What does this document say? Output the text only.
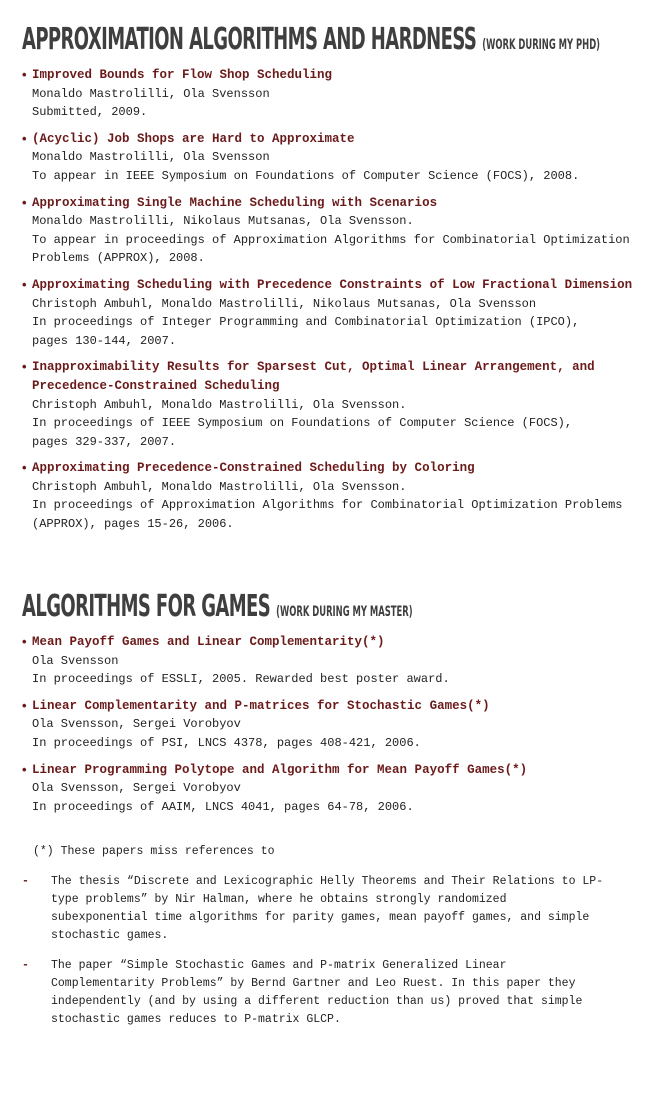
APPROXIMATION ALGORITHMS AND HARDNESS (WORK DURING MY PHD)
• Improved Bounds for Flow Shop Scheduling
Monaldo Mastrolilli, Ola Svensson
Submitted, 2009.
• (Acyclic) Job Shops are Hard to Approximate
Monaldo Mastrolilli, Ola Svensson
To appear in IEEE Symposium on Foundations of Computer Science (FOCS), 2008.
• Approximating Single Machine Scheduling with Scenarios
Monaldo Mastrolilli, Nikolaus Mutsanas, Ola Svensson.
To appear in proceedings of Approximation Algorithms for Combinatorial Optimization
Problems (APPROX), 2008.
• Approximating Scheduling with Precedence Constraints of Low Fractional Dimension
Christoph Ambuhl, Monaldo Mastrolilli, Nikolaus Mutsanas, Ola Svensson
In proceedings of Integer Programming and Combinatorial Optimization (IPCO),
pages 130-144, 2007.
• Inapproximability Results for Sparsest Cut, Optimal Linear Arrangement, and Precedence-Constrained Scheduling
Christoph Ambuhl, Monaldo Mastrolilli, Ola Svensson.
In proceedings of IEEE Symposium on Foundations of Computer Science (FOCS),
pages 329-337, 2007.
• Approximating Precedence-Constrained Scheduling by Coloring
Christoph Ambuhl, Monaldo Mastrolilli, Ola Svensson.
In proceedings of Approximation Algorithms for Combinatorial Optimization Problems
(APPROX), pages 15-26, 2006.
ALGORITHMS FOR GAMES (WORK DURING MY MASTER)
• Mean Payoff Games and Linear Complementarity(*)
Ola Svensson
In proceedings of ESSLI, 2005. Rewarded best poster award.
• Linear Complementarity and P-matrices for Stochastic Games(*)
Ola Svensson, Sergei Vorobyov
In proceedings of PSI, LNCS 4378, pages 408-421, 2006.
• Linear Programming Polytope and Algorithm for Mean Payoff Games(*)
Ola Svensson, Sergei Vorobyov
In proceedings of AAIM, LNCS 4041, pages 64-78, 2006.
(*) These papers miss references to
- The thesis “Discrete and Lexicographic Helly Theorems and Their Relations to LP-
type problems” by Nir Halman, where he obtains strongly randomized
subexponential time algorithms for parity games, mean payoff games, and simple
stochastic games.
- The paper “Simple Stochastic Games and P-matrix Generalized Linear
Complementarity Problems” by Bernd Gartner and Leo Ruest. In this paper they
independently (and by using a different reduction than us) proved that simple
stochastic games reduces to P-matrix GLCP.
